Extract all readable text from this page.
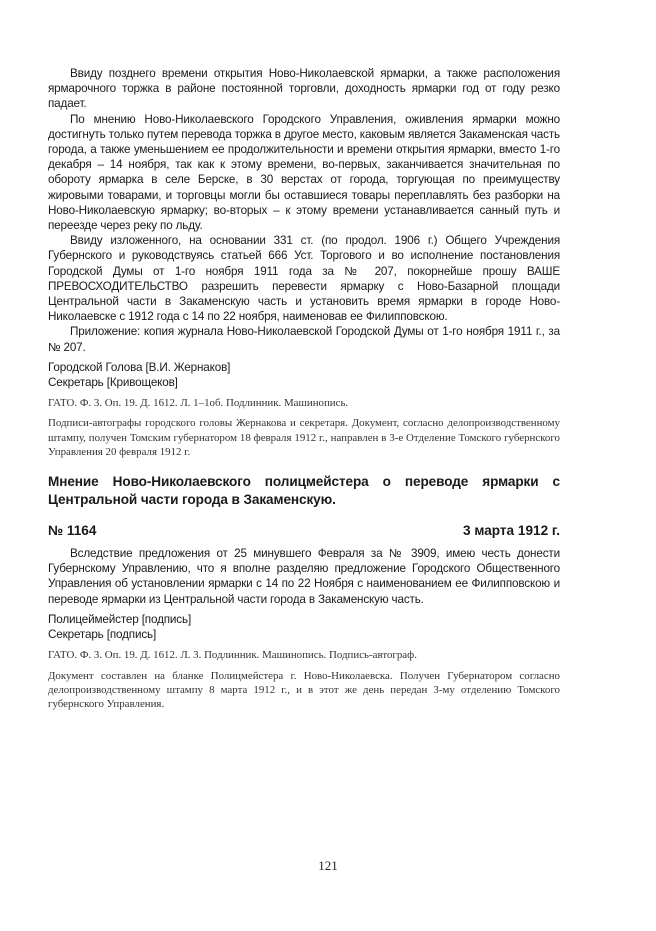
Ввиду позднего времени открытия Ново-Николаевской ярмарки, а также расположения ярмарочного торжка в районе постоянной торговли, доходность ярмарки год от году резко падает.

По мнению Ново-Николаевского Городского Управления, оживления ярмарки можно достигнуть только путем перевода торжка в другое место, каковым является Закаменская часть города, а также уменьшением ее продолжительности и времени открытия ярмарки, вместо 1-го декабря – 14 ноября, так как к этому времени, во-первых, заканчивается значительная по обороту ярмарка в селе Берске, в 30 верстах от города, торгующая по преимуществу жировыми товарами, и торговцы могли бы оставшиеся товары переплавлять без разборки на Ново-Николаевскую ярмарку; во-вторых – к этому времени устанавливается санный путь и переезде через реку по льду.

Ввиду изложенного, на основании 331 ст. (по продол. 1906 г.) Общего Учреждения Губернского и руководствуясь статьей 666 Уст. Торгового и во исполнение постановления Городской Думы от 1-го ноября 1911 года за № 207, покорнейше прошу ВАШЕ ПРЕВОСХОДИТЕЛЬСТВО разрешить перевести ярмарку с Ново-Базарной площади Центральной части в Закаменскую часть и установить время ярмарки в городе Ново-Николаевске с 1912 года с 14 по 22 ноября, наименовав ее Филипповскою.

Приложение: копия журнала Ново-Николаевской Городской Думы от 1-го ноября 1911 г., за № 207.

Городской Голова [В.И. Жернаков]

Секретарь [Кривощеков]

ГАТО. Ф. 3. Оп. 19. Д. 1612. Л. 1–1об. Подлинник. Машинопись.

Подписи-автографы городского головы Жернакова и секретаря. Документ, согласно делопроизводственному штампу, получен Томским губернатором 18 февраля 1912 г., направлен в 3-е Отделение Томского губернского Управления 20 февраля 1912 г.

Мнение Ново-Николаевского полицмейстера о переводе ярмарки с Центральной части города в Закаменскую.

№ 1164	3 марта 1912 г.

Вследствие предложения от 25 минувшего Февраля за № 3909, имею честь донести Губернскому Управлению, что я вполне разделяю предложение Городского Общественного Управления об установлении ярмарки с 14 по 22 Ноября с наименованием ее Филипповскою и переводе ярмарки из Центральной части города в Закаменскую часть.

Полицеймейстер [подпись]

Секретарь [подпись]

ГАТО. Ф. 3. Оп. 19. Д. 1612. Л. 3. Подлинник. Машинопись. Подпись-автограф.

Документ составлен на бланке Полицмейстера г. Ново-Николаевска. Получен Губернатором согласно делопроизводственному штампу 8 марта 1912 г., и в этот же день передан 3-му отделению Томского губернского Управления.

121
